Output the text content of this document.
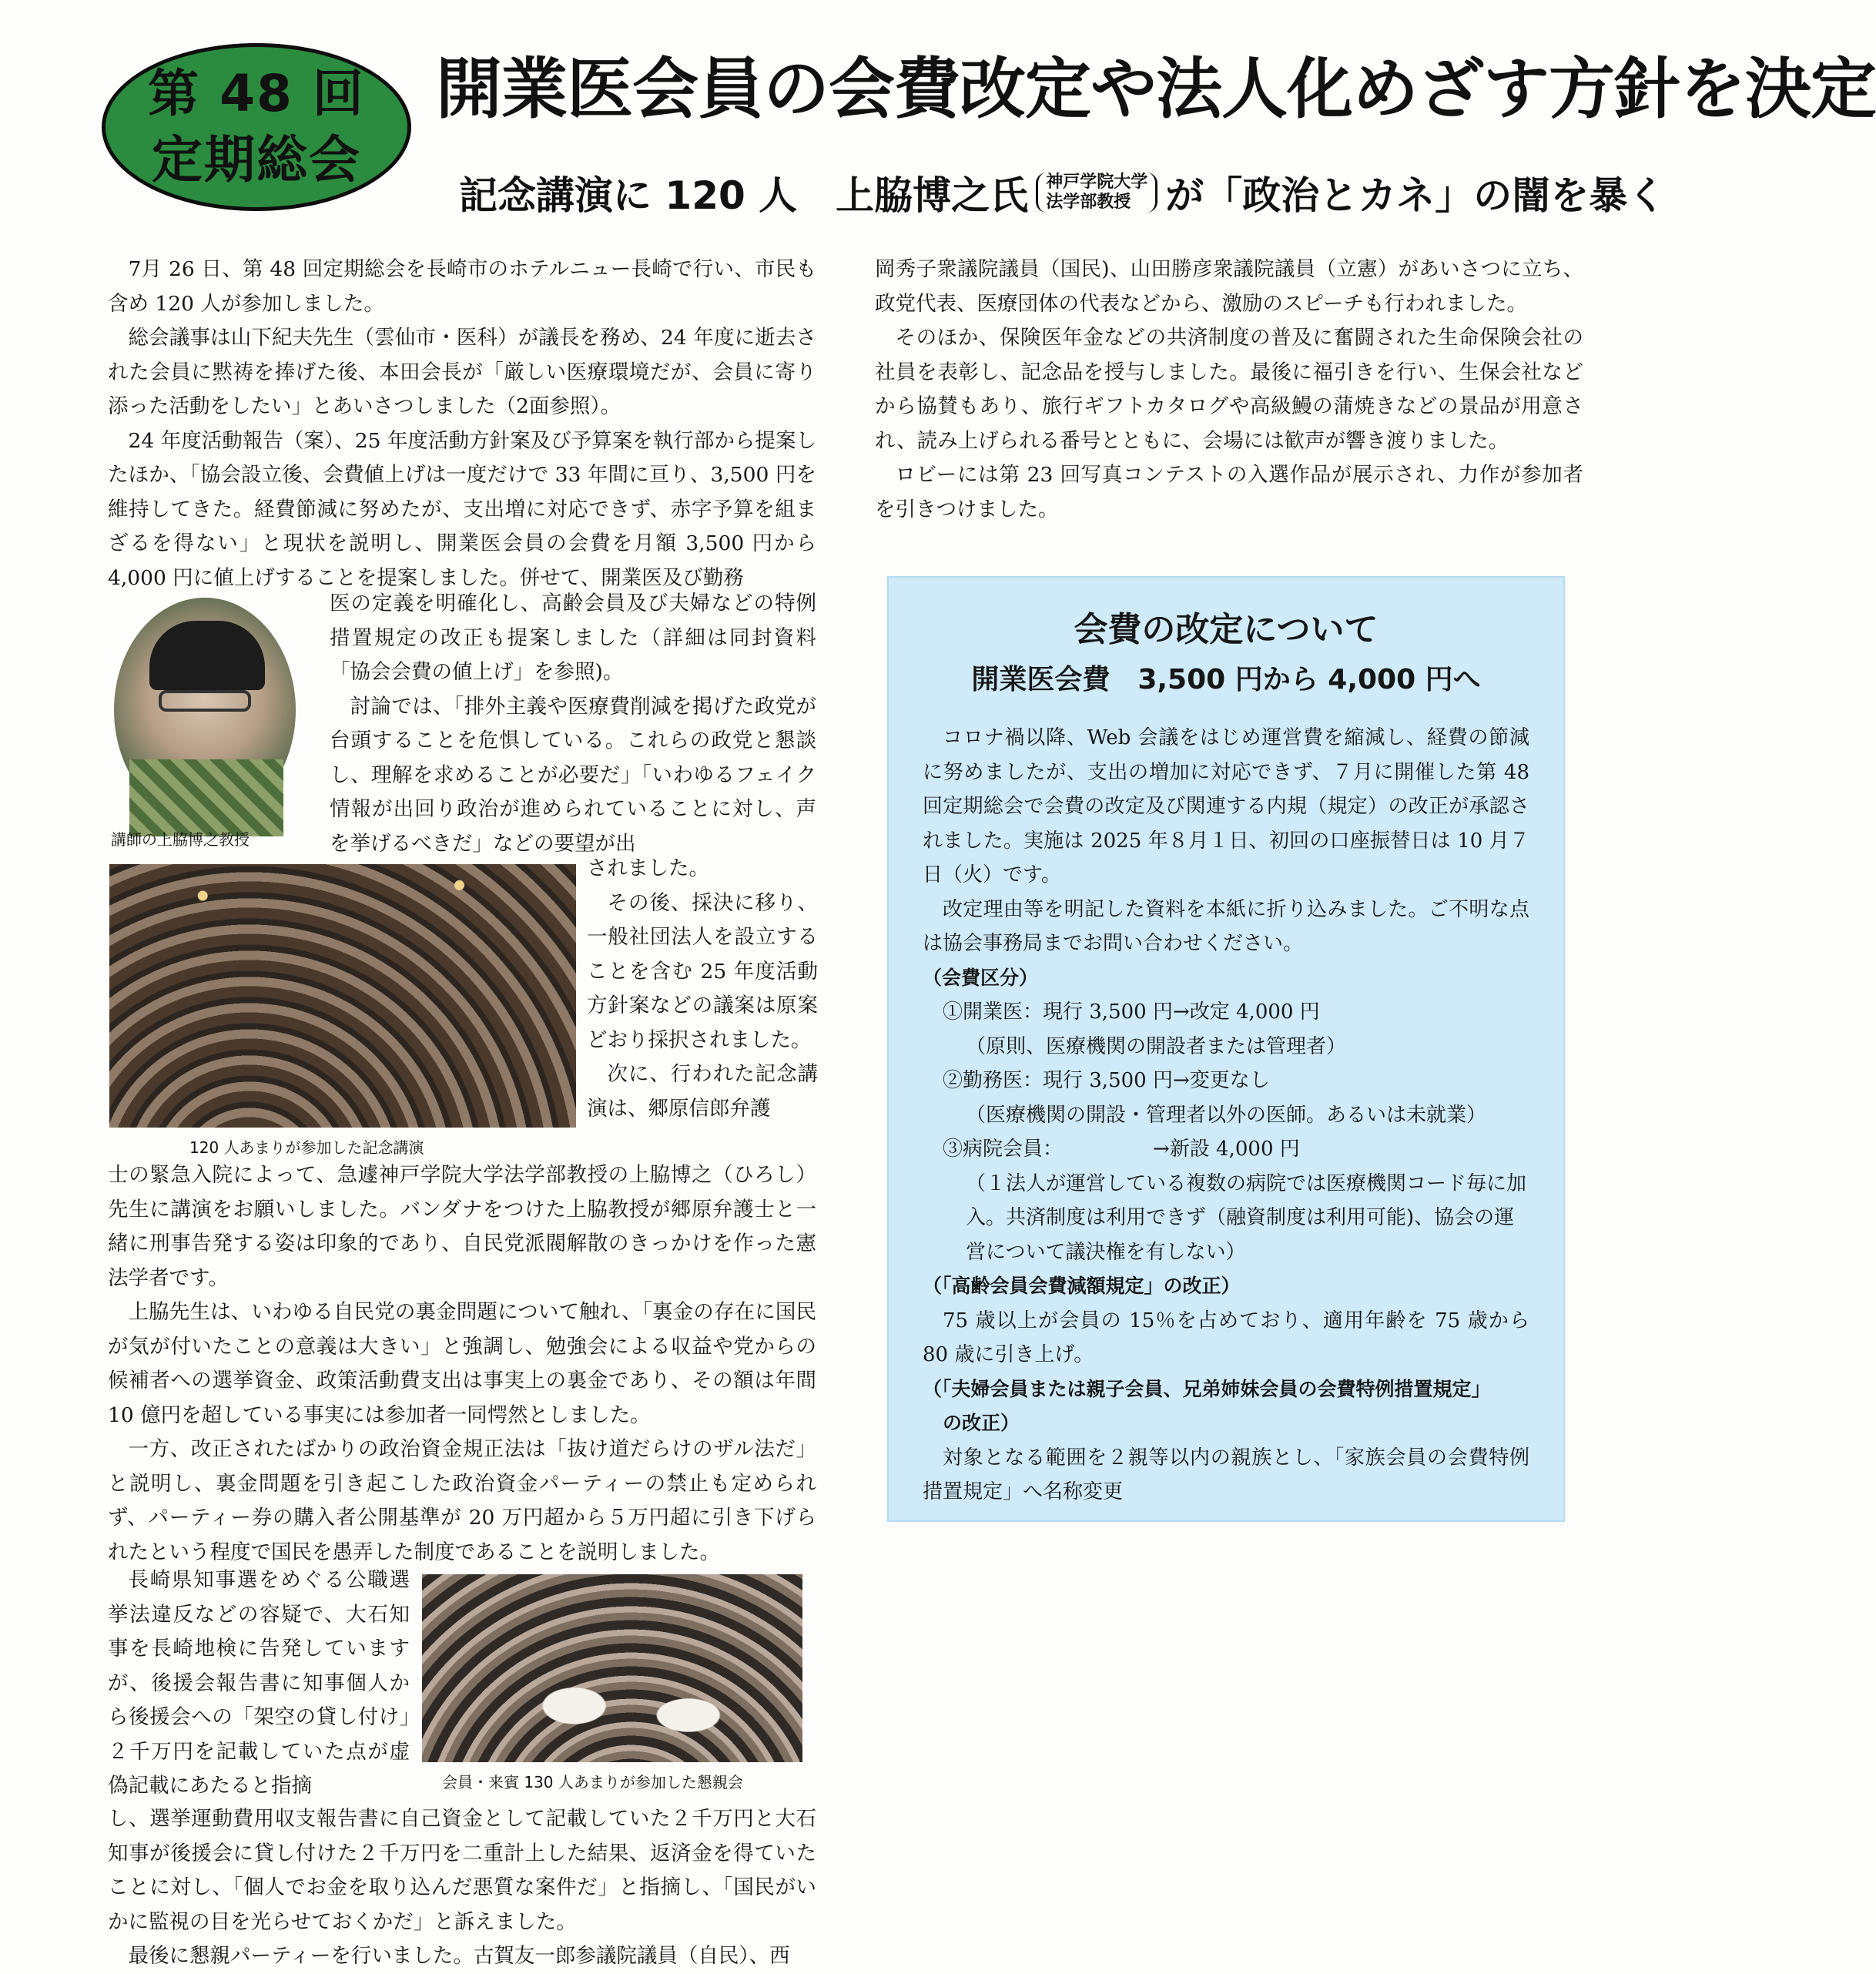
第 48 回
定期総会
開業医会員の会費改定や法人化めざす方針を決定
記念講演に 120 人　上脇博之氏 神戸学院大学
法学部教授 が「政治とカネ」の闇を暴く

7月 26 日、第 48 回定期総会を長崎市のホテルニュー長崎で行い、市民も含め 120 人が参加しました。

総会議事は山下紀夫先生（雲仙市・医科）が議長を務め、24 年度に逝去された会員に黙祷を捧げた後、本田会長が「厳しい医療環境だが、会員に寄り添った活動をしたい」とあいさつしました（2面参照）。

24 年度活動報告（案）、25 年度活動方針案及び予算案を執行部から提案したほか、「協会設立後、会費値上げは一度だけで 33 年間に亘り、3,500 円を維持してきた。経費節減に努めたが、支出増に対応できず、赤字予算を組まざるを得ない」と現状を説明し、開業医会員の会費を月額 3,500 円から 4,000 円に値上げすることを提案しました。併せて、開業医及び勤務

講師の上脇博之教授

医の定義を明確化し、高齢会員及び夫婦などの特例措置規定の改正も提案しました（詳細は同封資料「協会会費の値上げ」を参照)。

討論では、「排外主義や医療費削減を掲げた政党が台頭することを危惧している。これらの政党と懇談し、理解を求めることが必要だ」「いわゆるフェイク情報が出回り政治が進められていることに対し、声を挙げるべきだ」などの要望が出

120 人あまりが参加した記念講演

されました。

その後、採決に移り、一般社団法人を設立することを含む 25 年度活動方針案などの議案は原案どおり採択されました。

次に、行われた記念講演は、郷原信郎弁護

士の緊急入院によって、急遽神戸学院大学法学部教授の上脇博之（ひろし）先生に講演をお願いしました。バンダナをつけた上脇教授が郷原弁護士と一緒に刑事告発する姿は印象的であり、自民党派閥解散のきっかけを作った憲法学者です。

上脇先生は、いわゆる自民党の裏金問題について触れ、「裏金の存在に国民が気が付いたことの意義は大きい」と強調し、勉強会による収益や党からの候補者への選挙資金、政策活動費支出は事実上の裏金であり、その額は年間 10 億円を超している事実には参加者一同愕然としました。

一方、改正されたばかりの政治資金規正法は「抜け道だらけのザル法だ」と説明し、裏金問題を引き起こした政治資金パーティーの禁止も定められず、パーティー券の購入者公開基準が 20 万円超から５万円超に引き下げられたという程度で国民を愚弄した制度であることを説明しました。

長崎県知事選をめぐる公職選挙法違反などの容疑で、大石知事を長崎地検に告発していますが、後援会報告書に知事個人から後援会への「架空の貸し付け」２千万円を記載していた点が虚偽記載にあたると指摘	会員・来賓 130 人あまりが参加した懇親会

し、選挙運動費用収支報告書に自己資金として記載していた２千万円と大石知事が後援会に貸し付けた２千万円を二重計上した結果、返済金を得ていたことに対し、「個人でお金を取り込んだ悪質な案件だ」と指摘し、「国民がいかに監視の目を光らせておくかだ」と訴えました。

最後に懇親パーティーを行いました。古賀友一郎参議院議員（自民）、西

岡秀子衆議院議員（国民)、山田勝彦衆議院議員（立憲）があいさつに立ち、政党代表、医療団体の代表などから、激励のスピーチも行われました。

そのほか、保険医年金などの共済制度の普及に奮闘された生命保険会社の社員を表彰し、記念品を授与しました。最後に福引きを行い、生保会社などから協賛もあり、旅行ギフトカタログや高級鰻の蒲焼きなどの景品が用意され、読み上げられる番号とともに、会場には歓声が響き渡りました。

ロビーには第 23 回写真コンテストの入選作品が展示され、力作が参加者を引きつけました。

会費の改定について
開業医会費　3,500 円から 4,000 円へ

コロナ禍以降、Web 会議をはじめ運営費を縮減し、経費の節減に努めましたが、支出の増加に対応できず、７月に開催した第 48 回定期総会で会費の改定及び関連する内規（規定）の改正が承認されました。実施は 2025 年８月１日、初回の口座振替日は 10 月７日（火）です。

改定理由等を明記した資料を本紙に折り込みました。ご不明な点は協会事務局までお問い合わせください。

（会費区分）
①開業医：現行 3,500 円→改定 4,000 円
（原則、医療機関の開設者または管理者）
②勤務医：現行 3,500 円→変更なし
（医療機関の開設・管理者以外の医師。あるいは未就業）
③病院会員：　　　　　→新設 4,000 円
（１法人が運営している複数の病院では医療機関コード毎に加入。共済制度は利用できず（融資制度は利用可能)、協会の運営について議決権を有しない）
（「高齢会員会費減額規定」の改正）

75 歳以上が会員の 15％を占めており、適用年齢を 75 歳から 80 歳に引き上げ。

（「夫婦会員または親子会員、兄弟姉妹会員の会費特例措置規定」
の改正）

対象となる範囲を２親等以内の親族とし、「家族会員の会費特例措置規定」へ名称変更
